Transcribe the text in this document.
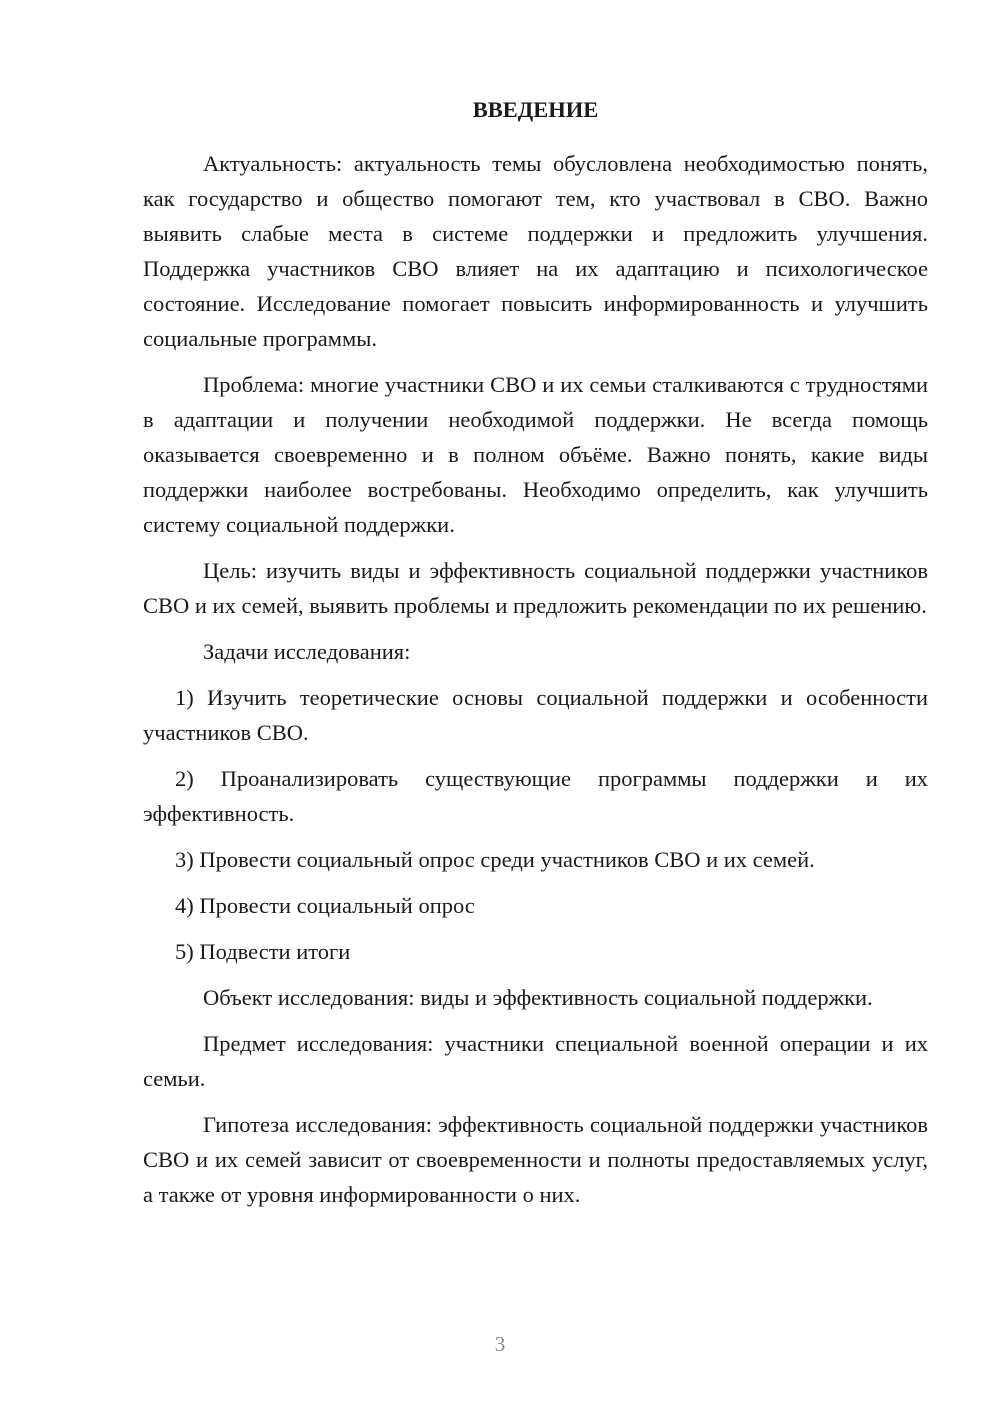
ВВЕДЕНИЕ

Актуальность: актуальность темы обусловлена необходимостью понять, как государство и общество помогают тем, кто участвовал в СВО. Важно выявить слабые места в системе поддержки и предложить улучшения. Поддержка участников СВО влияет на их адаптацию и психологическое состояние. Исследование помогает повысить информированность и улучшить социальные программы.

Проблема: многие участники СВО и их семьи сталкиваются с трудностями в адаптации и получении необходимой поддержки. Не всегда помощь оказывается своевременно и в полном объёме. Важно понять, какие виды поддержки наиболее востребованы. Необходимо определить, как улучшить систему социальной поддержки.

Цель: изучить виды и эффективность социальной поддержки участников СВО и их семей, выявить проблемы и предложить рекомендации по их решению.

Задачи исследования:

1) Изучить теоретические основы социальной поддержки и особенности участников СВО.

2) Проанализировать существующие программы поддержки и их эффективность.

3) Провести социальный опрос среди участников СВО и их семей.

4) Провести социальный опрос

5) Подвести итоги

Объект исследования: виды и эффективность социальной поддержки.

Предмет исследования: участники специальной военной операции и их семьи.

Гипотеза исследования: эффективность социальной поддержки участников СВО и их семей зависит от своевременности и полноты предоставляемых услуг, а также от уровня информированности о них.

3
